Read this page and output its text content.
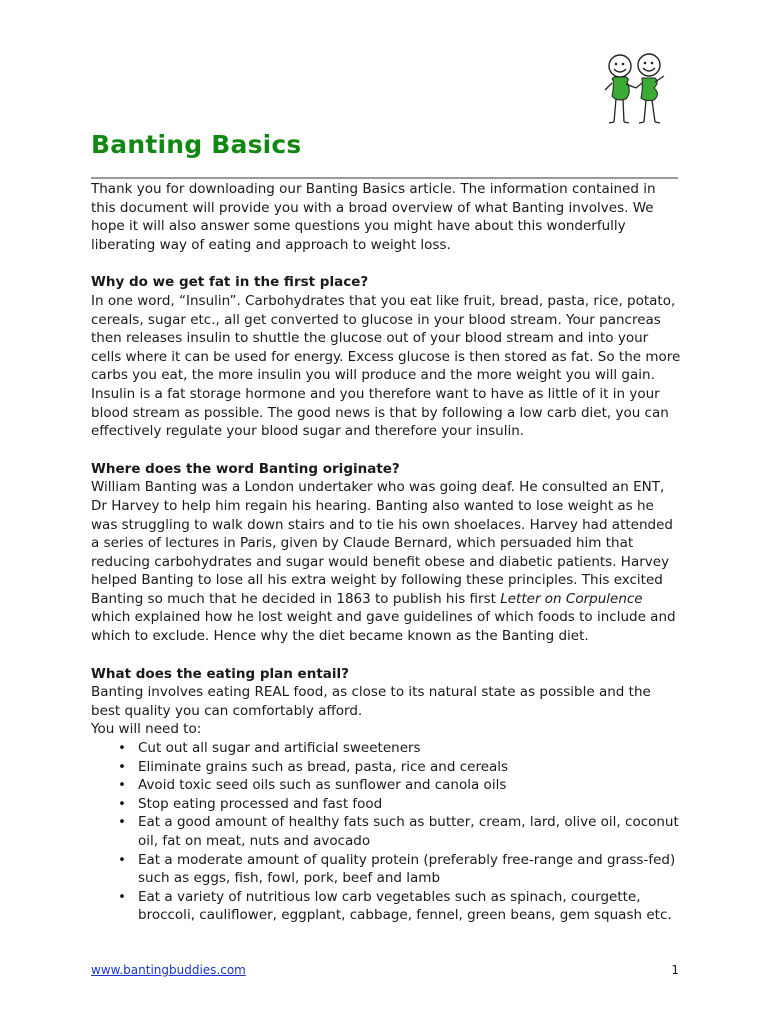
Banting Basics

Thank you for downloading our Banting Basics article. The information contained in this document will provide you with a broad overview of what Banting involves. We hope it will also answer some questions you might have about this wonderfully liberating way of eating and approach to weight loss.

Why do we get fat in the first place?

In one word, “Insulin”. Carbohydrates that you eat like fruit, bread, pasta, rice, potato, cereals, sugar etc., all get converted to glucose in your blood stream. Your pancreas then releases insulin to shuttle the glucose out of your blood stream and into your cells where it can be used for energy. Excess glucose is then stored as fat. So the more carbs you eat, the more insulin you will produce and the more weight you will gain. Insulin is a fat storage hormone and you therefore want to have as little of it in your blood stream as possible. The good news is that by following a low carb diet, you can effectively regulate your blood sugar and therefore your insulin.

Where does the word Banting originate?

William Banting was a London undertaker who was going deaf. He consulted an ENT, Dr Harvey to help him regain his hearing. Banting also wanted to lose weight as he was struggling to walk down stairs and to tie his own shoelaces. Harvey had attended a series of lectures in Paris, given by Claude Bernard, which persuaded him that reducing carbohydrates and sugar would benefit obese and diabetic patients. Harvey helped Banting to lose all his extra weight by following these principles. This excited Banting so much that he decided in 1863 to publish his first Letter on Corpulence which explained how he lost weight and gave guidelines of which foods to include and which to exclude. Hence why the diet became known as the Banting diet.

What does the eating plan entail?

Banting involves eating REAL food, as close to its natural state as possible and the best quality you can comfortably afford.

You will need to:

• Cut out all sugar and artificial sweeteners
• Eliminate grains such as bread, pasta, rice and cereals
• Avoid toxic seed oils such as sunflower and canola oils
• Stop eating processed and fast food
• Eat a good amount of healthy fats such as butter, cream, lard, olive oil, coconut oil, fat on meat, nuts and avocado
• Eat a moderate amount of quality protein (preferably free-range and grass-fed) such as eggs, fish, fowl, pork, beef and lamb
• Eat a variety of nutritious low carb vegetables such as spinach, courgette, broccoli, cauliflower, eggplant, cabbage, fennel, green beans, gem squash etc.
www.bantingbuddies.com	1
